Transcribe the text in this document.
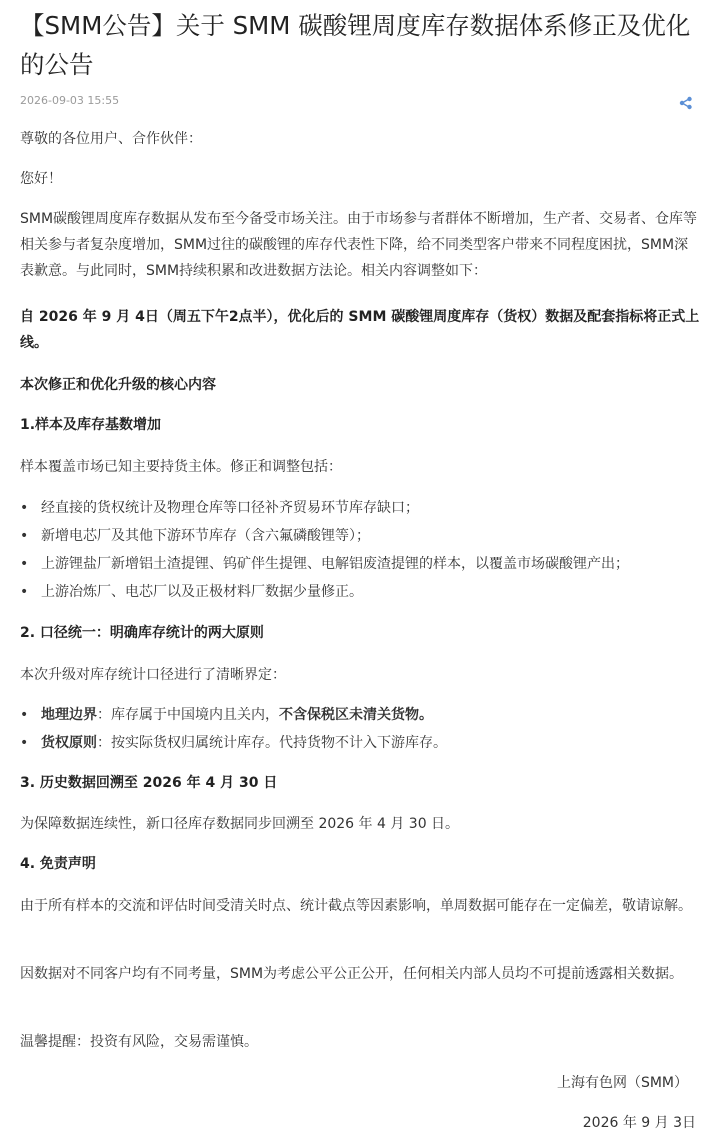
【SMM公告】关于 SMM 碳酸锂周度库存数据体系修正及优化的公告
2026-09-03 15:55

尊敬的各位用户、合作伙伴：

您好！

SMM碳酸锂周度库存数据从发布至今备受市场关注。由于市场参与者群体不断增加，生产者、交易者、仓库等相关参与者复杂度增加，SMM过往的碳酸锂的库存代表性下降，给不同类型客户带来不同程度困扰，SMM深表歉意。与此同时，SMM持续积累和改进数据方法论。相关内容调整如下：

自 2026 年 9 月 4日（周五下午2点半），优化后的 SMM 碳酸锂周度库存（货权）数据及配套指标将正式上线。

本次修正和优化升级的核心内容

1.样本及库存基数增加

样本覆盖市场已知主要持货主体。修正和调整包括：

• 经直接的货权统计及物理仓库等口径补齐贸易环节库存缺口；
• 新增电芯厂及其他下游环节库存（含六氟磷酸锂等）；
• 上游锂盐厂新增铝土渣提锂、钨矿伴生提锂、电解铝废渣提锂的样本，以覆盖市场碳酸锂产出；
• 上游冶炼厂、电芯厂以及正极材料厂数据少量修正。

2. 口径统一：明确库存统计的两大原则

本次升级对库存统计口径进行了清晰界定：

• 地理边界：库存属于中国境内且关内，不含保税区未清关货物。
• 货权原则：按实际货权归属统计库存。代持货物不计入下游库存。

3. 历史数据回溯至 2026 年 4 月 30 日

为保障数据连续性，新口径库存数据同步回溯至 2026 年 4 月 30 日。

4. 免责声明

由于所有样本的交流和评估时间受清关时点、统计截点等因素影响，单周数据可能存在一定偏差，敬请谅解。

因数据对不同客户均有不同考量，SMM为考虑公平公正公开，任何相关内部人员均不可提前透露相关数据。

温馨提醒：投资有风险，交易需谨慎。

上海有色网（SMM）

2026 年 9 月 3日
